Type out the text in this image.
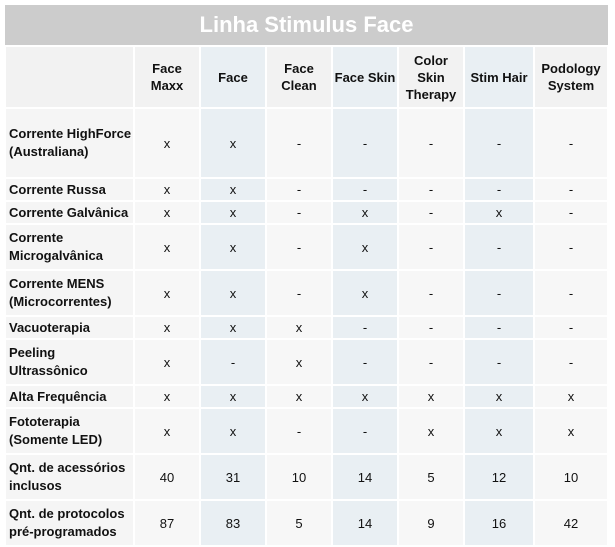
Linha Stimulus Face
	Face Maxx	Face	Face Clean	Face Skin	Color Skin Therapy	Stim Hair	Podology System
Corrente HighForce (Australiana)	x	x	-	-	-	-	-
Corrente Russa	x	x	-	-	-	-	-
Corrente Galvânica	x	x	-	x	-	x	-
Corrente Microgalvânica	x	x	-	x	-	-	-
Corrente MENS (Microcorrentes)	x	x	-	x	-	-	-
Vacuoterapia	x	x	x	-	-	-	-
Peeling Ultrassônico	x	-	x	-	-	-	-
Alta Frequência	x	x	x	x	x	x	x
Fototerapia (Somente LED)	x	x	-	-	x	x	x
Qnt. de acessórios inclusos	40	31	10	14	5	12	10
Qnt. de protocolos pré-programados	87	83	5	14	9	16	42
